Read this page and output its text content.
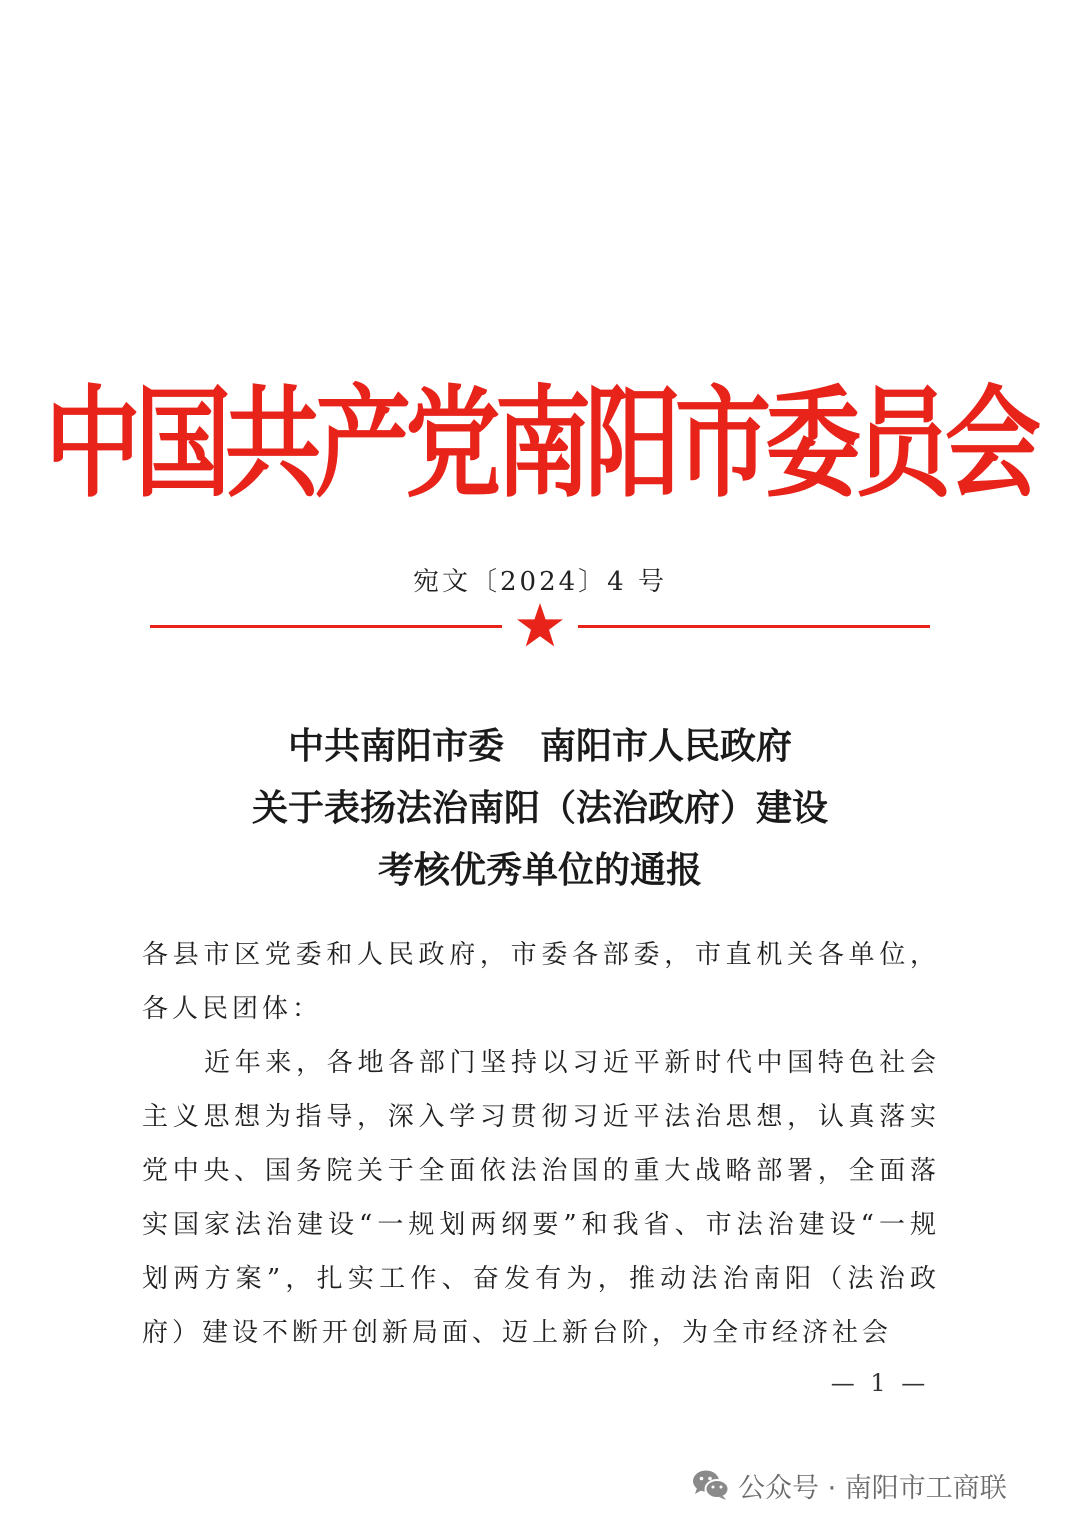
中国共产党南阳市委员会
宛文〔2024〕4 号
中共南阳市委　南阳市人民政府
关于表扬法治南阳（法治政府）建设
考核优秀单位的通报

各县市区党委和人民政府，市委各部委，市直机关各单位，各人民团体：

近年来，各地各部门坚持以习近平新时代中国特色社会主义思想为指导，深入学习贯彻习近平法治思想，认真落实党中央、国务院关于全面依法治国的重大战略部署，全面落实国家法治建设“一规划两纲要”和我省、市法治建设“一规划两方案”，扎实工作、奋发有为，推动法治南阳（法治政府）建设不断开创新局面、迈上新台阶，为全市经济社会

— 1 —
公众号 · 南阳市工商联
